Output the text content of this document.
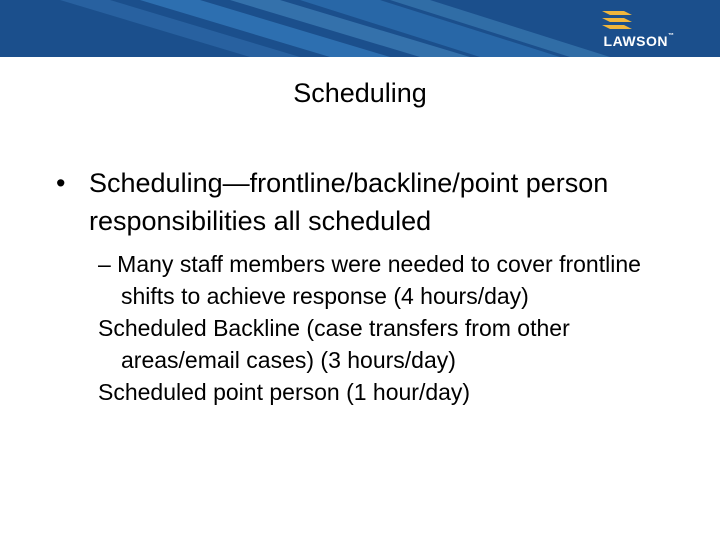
LAWSON™
Scheduling
• Scheduling—frontline/backline/point person responsibilities all scheduled
– Many staff members were needed to cover frontline shifts to achieve response (4 hours/day)
Scheduled Backline (case transfers from other areas/email cases) (3 hours/day)
Scheduled point person (1 hour/day)
